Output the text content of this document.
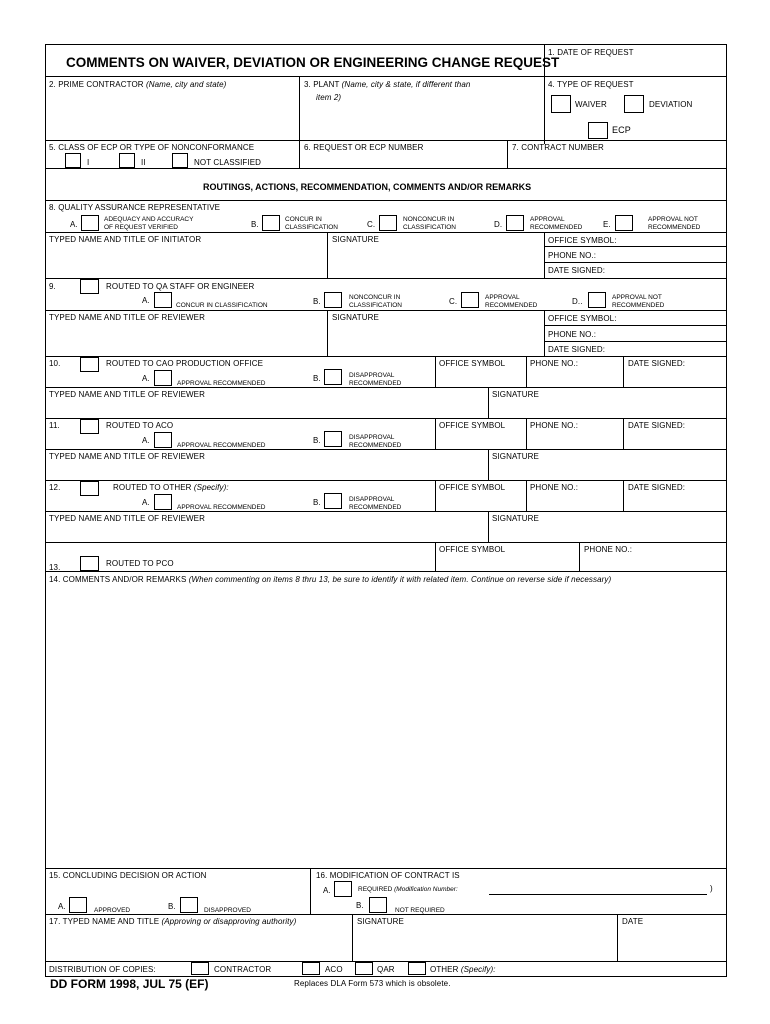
COMMENTS ON WAIVER, DEVIATION OR ENGINEERING CHANGE REQUEST
1. DATE OF REQUEST
2. PRIME CONTRACTOR (Name, city and state)	3. PLANT (Name, city & state, if different than
item 2)
4. TYPE OF REQUEST
WAIVER	DEVIATION
ECP
5. CLASS OF ECP OR TYPE OF NONCONFORMANCE
I	II	NOT CLASSIFIED
6. REQUEST OR ECP NUMBER	7. CONTRACT NUMBER
ROUTINGS, ACTIONS, RECOMMENDATION, COMMENTS AND/OR REMARKS
8. QUALITY ASSURANCE REPRESENTATIVE
A.
ADEQUACY AND ACCURACY
OF REQUEST VERIFIED	B.
CONCUR IN
CLASSIFICATION	C.
NONCONCUR IN
CLASSIFICATION	D.
APPROVAL
RECOMMENDED	E.
APPROVAL NOT
RECOMMENDED
TYPED NAME AND TITLE OF INITIATOR	SIGNATURE	OFFICE SYMBOL:
PHONE NO.:
DATE SIGNED:
9.	ROUTED TO QA STAFF OR ENGINEER
A.
CONCUR IN CLASSIFICATION	B.	NONCONCUR IN
CLASSIFICATION	C.	APPROVAL
RECOMMENDED	D..	APPROVAL NOT
RECOMMENDED
TYPED NAME AND TITLE OF REVIEWER	SIGNATURE	OFFICE SYMBOL:
PHONE NO.:
DATE SIGNED:
10.	ROUTED TO CAO PRODUCTION OFFICE
A.
APPROVAL RECOMMENDED
B.	DISAPPROVAL
RECOMMENDED
OFFICE SYMBOL	PHONE NO.:	DATE SIGNED:
TYPED NAME AND TITLE OF REVIEWER	SIGNATURE
11.	ROUTED TO ACO
A.
APPROVAL RECOMMENDED
B.	DISAPPROVAL
RECOMMENDED
OFFICE SYMBOL	PHONE NO.:	DATE SIGNED:
TYPED NAME AND TITLE OF REVIEWER	SIGNATURE
12.	ROUTED TO OTHER (Specify):
A.
APPROVAL RECOMMENDED
B.	DISAPPROVAL
RECOMMENDED
OFFICE SYMBOL	PHONE NO.:	DATE SIGNED:
TYPED NAME AND TITLE OF REVIEWER	SIGNATURE
OFFICE SYMBOL	PHONE NO.:
13.	ROUTED TO PCO
14. COMMENTS AND/OR REMARKS (When commenting on items 8 thru 13, be sure to identify it with related item. Continue on reverse side if necessary)
15. CONCLUDING DECISION OR ACTION
A.	APPROVED	B.	DISAPPROVED
16. MODIFICATION OF CONTRACT IS
A.	REQUIRED (Modification Number:	)
B.
NOT REQUIRED
17. TYPED NAME AND TITLE (Approving or disapproving authority)	SIGNATURE	DATE
DISTRIBUTION OF COPIES:	CONTRACTOR	ACO	QAR	OTHER (Specify):
DD FORM 1998, JUL 75 (EF)	Replaces DLA Form 573 which is obsolete.
